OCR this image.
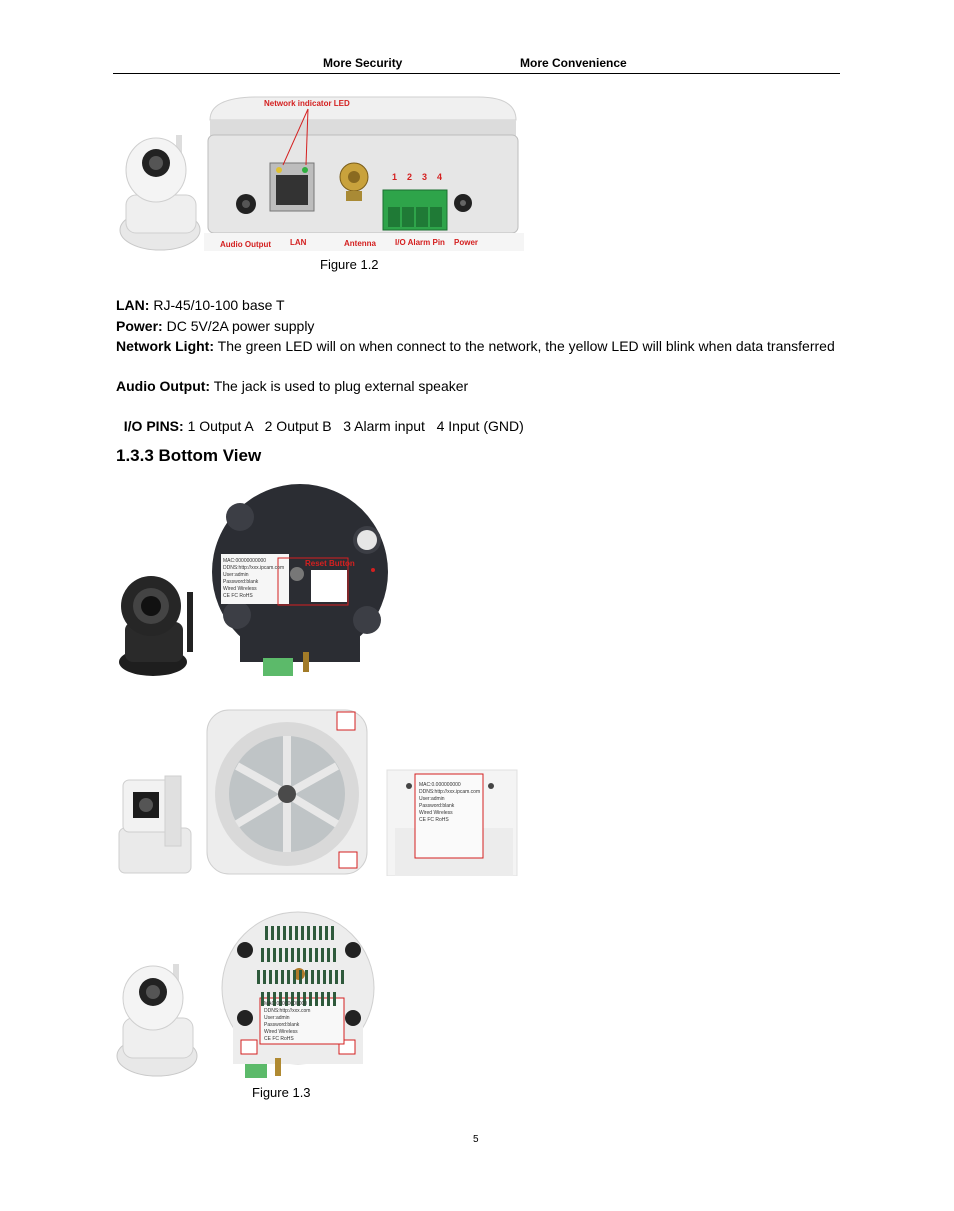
More Security	More Convenience
Network indicator LED
1 2 3 4
Audio Output LAN	Antenna I/O Alarm Pin Power
Figure 1.2
LAN: RJ-45/10-100 base T
Power: DC 5V/2A power supply
Network Light: The green LED will on when connect to the network, the yellow LED will blink when data transferred
Audio Output: The jack is used to plug external speaker

I/O PINS: 1 Output A   2 Output B   3 Alarm input   4 Input (GND)

1.3.3 Bottom View
MAC:00000000000
DDNS:http://xxx.ipcam.com
User:admin
Password:blank
Wired Wireless
CE FC RoHS
Reset Button
MAC:0.000000000
DDNS:http://xxx.ipcam.com
User:admin
Password:blank
Wired Wireless
CE FC RoHS
MAC:00000000000
DDNS:http://xxx.com
User:admin
Password:blank
Wired Wireless
CE FC RoHS
Figure 1.3
5
